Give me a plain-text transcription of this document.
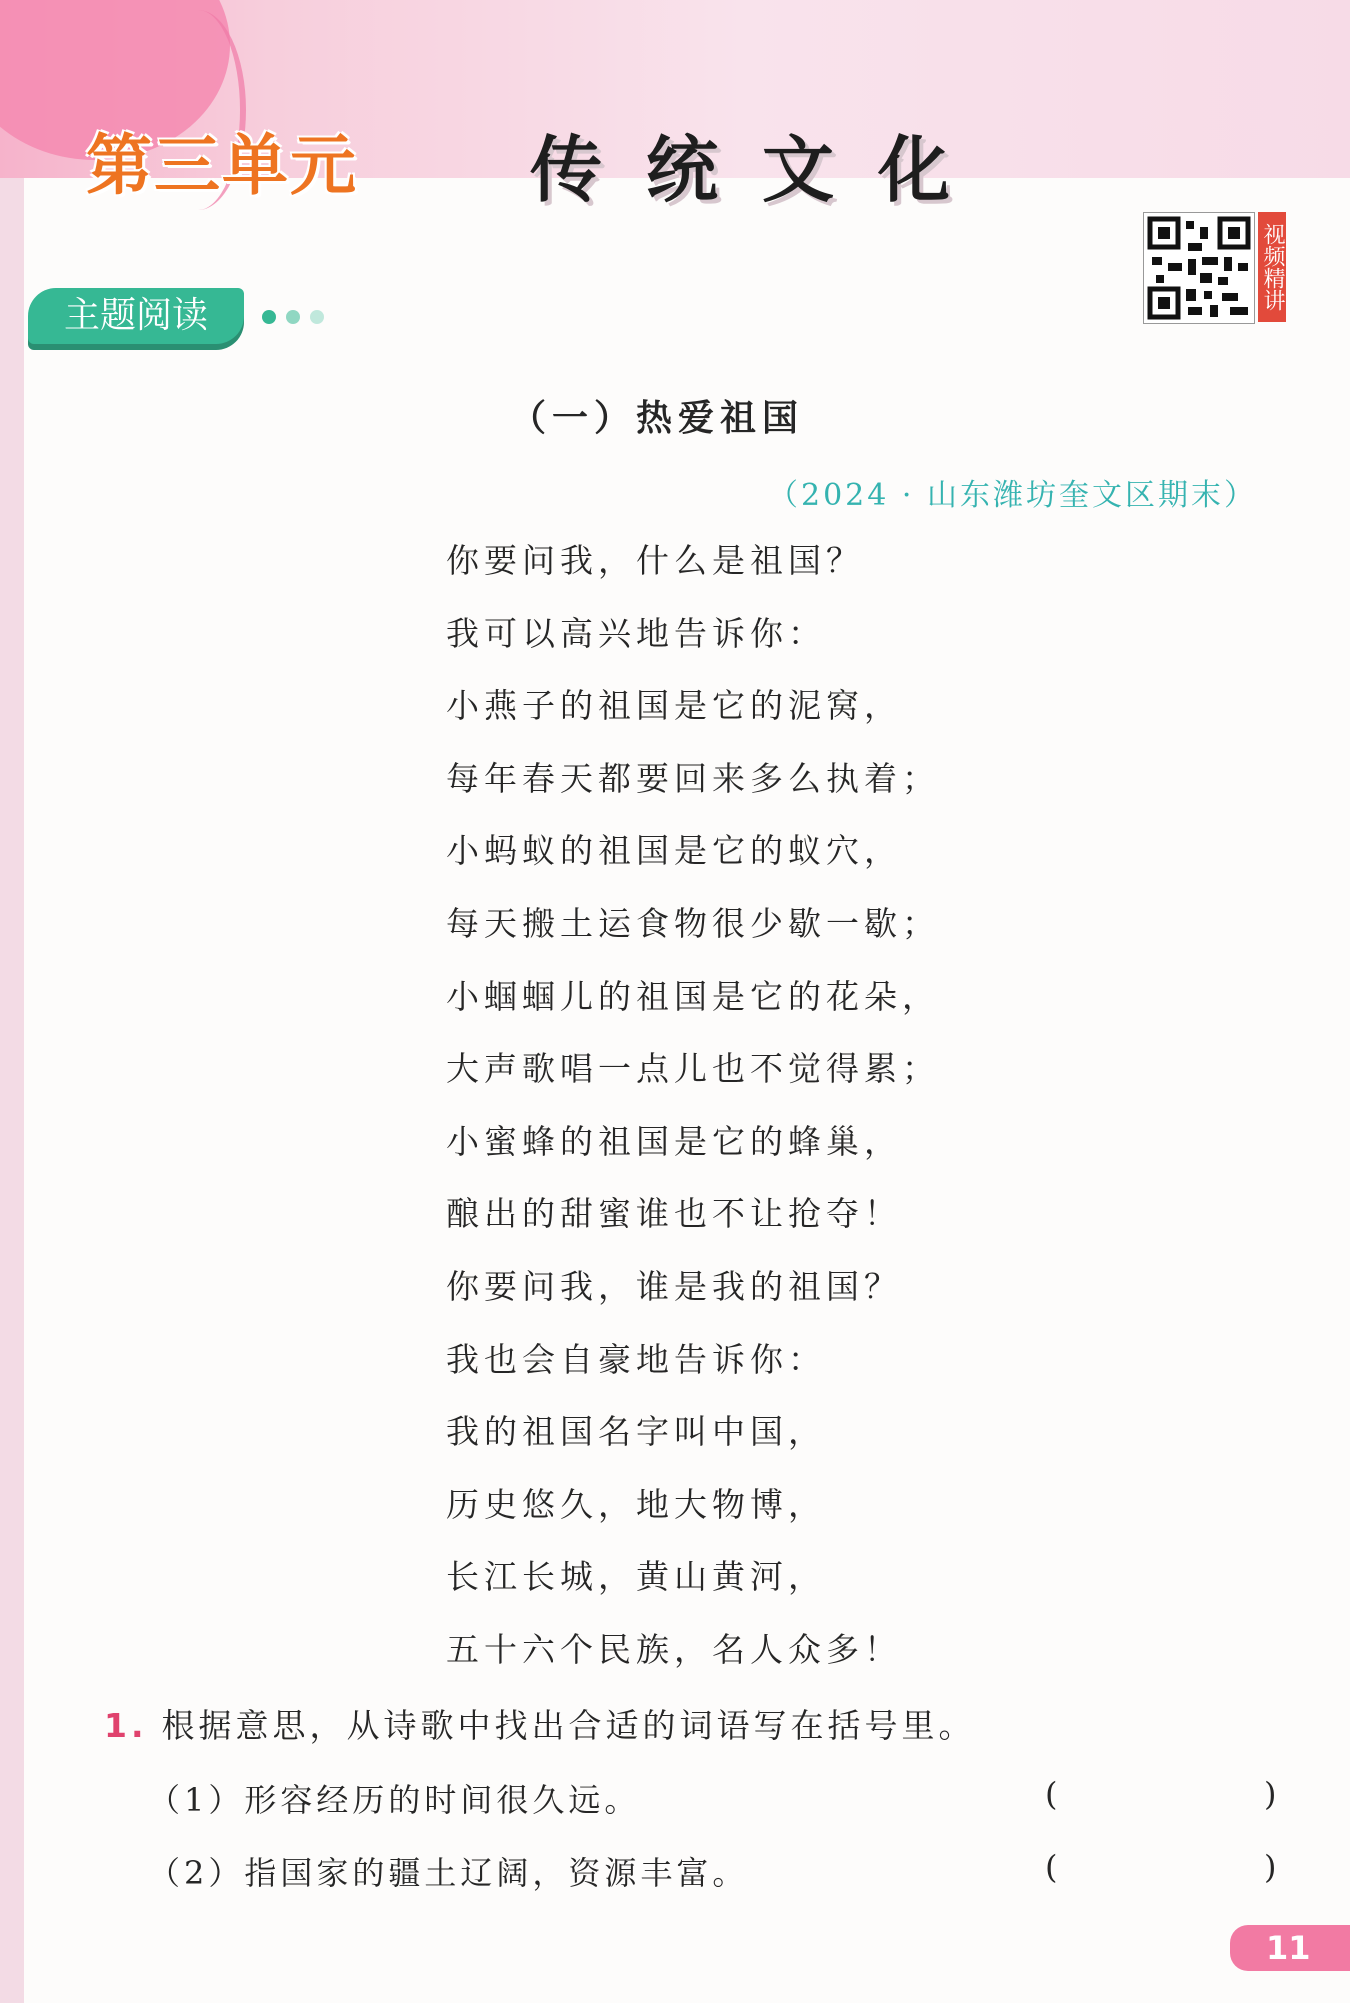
第三单元 传统文化
视频精讲
主题阅读
（一）热爱祖国
（2024 · 山东潍坊奎文区期末）
你要问我，什么是祖国？
我可以高兴地告诉你：
小燕子的祖国是它的泥窝，
每年春天都要回来多么执着；
小蚂蚁的祖国是它的蚁穴，
每天搬土运食物很少歇一歇；
小蝈蝈儿的祖国是它的花朵，
大声歌唱一点儿也不觉得累；
小蜜蜂的祖国是它的蜂巢，
酿出的甜蜜谁也不让抢夺！
你要问我，谁是我的祖国？
我也会自豪地告诉你：
我的祖国名字叫中国，
历史悠久，地大物博，
长江长城，黄山黄河，
五十六个民族，名人众多！
1. 根据意思，从诗歌中找出合适的词语写在括号里。
（1）形容经历的时间很久远。	(	)
（2）指国家的疆土辽阔，资源丰富。	(	)
11
